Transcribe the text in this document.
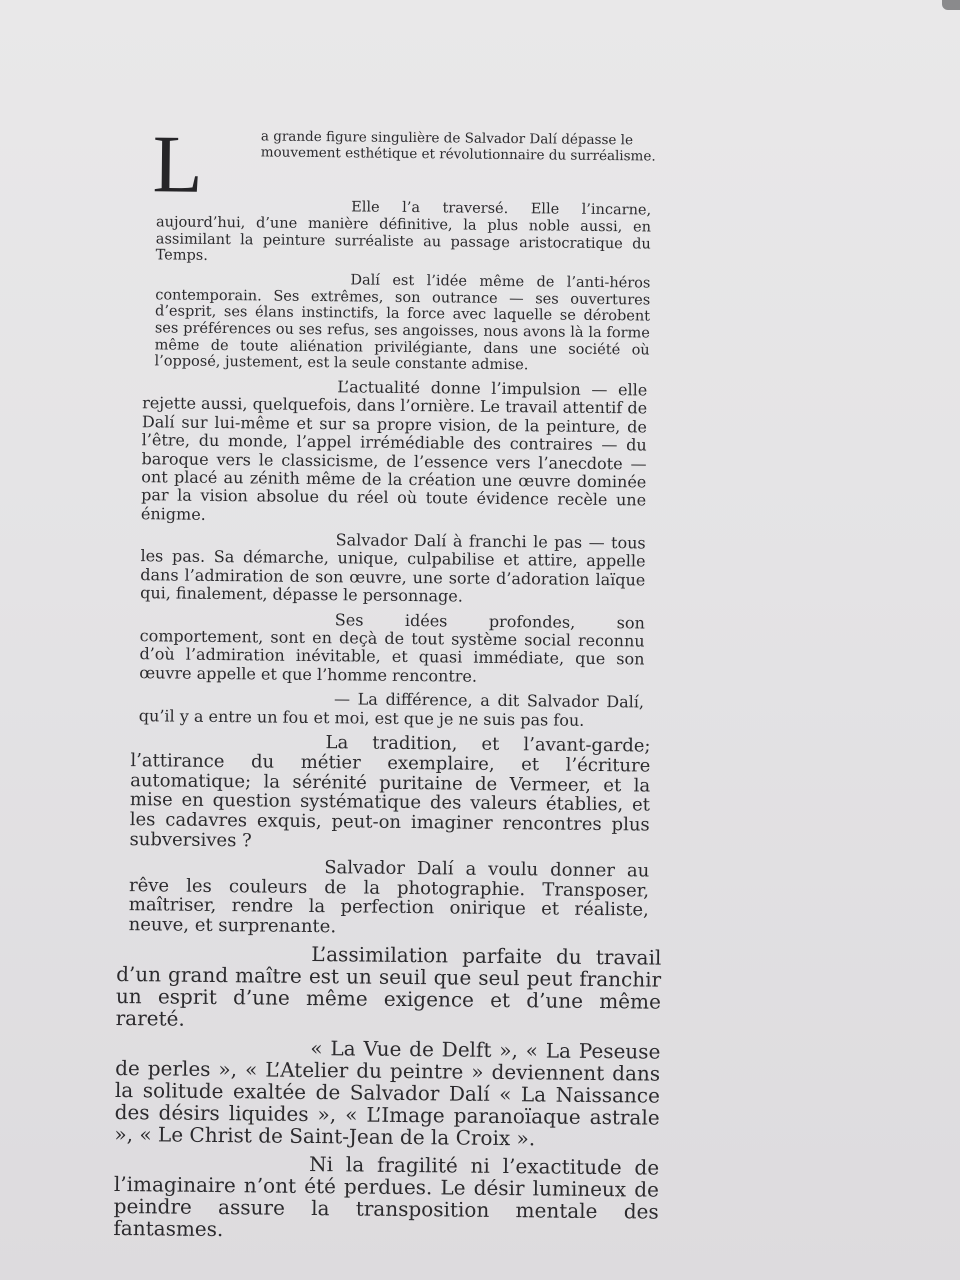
L	a grande figure singulière de Salvador Dalí dépasse le mouvement esthétique et révolutionnaire du surréalisme.

Elle l’a traversé. Elle l’incarne, aujourd’hui, d’une manière définitive, la plus noble aussi, en assimilant la peinture surréaliste au passage aristocratique du Temps.

Dalí est l’idée même de l’anti-héros contemporain. Ses extrêmes, son outrance — ses ouvertures d’esprit, ses élans instinctifs, la force avec laquelle se dérobent ses préférences ou ses refus, ses angoisses, nous avons là la forme même de toute aliénation privilégiante, dans une société où l’opposé, justement, est la seule constante admise.

L’actualité donne l’impulsion — elle rejette aussi, quelquefois, dans l’ornière. Le travail attentif de Dalí sur lui-même et sur sa propre vision, de la peinture, de l’être, du monde, l’appel irrémédiable des contraires — du baroque vers le classicisme, de l’essence vers l’anecdote — ont placé au zénith même de la création une œuvre dominée par la vision absolue du réel où toute évidence recèle une énigme.

Salvador Dalí à franchi le pas — tous les pas. Sa démarche, unique, culpabilise et attire, appelle dans l’admiration de son œuvre, une sorte d’adoration laïque qui, finalement, dépasse le personnage.

Ses idées profondes, son comportement, sont en deçà de tout système social reconnu d’où l’admiration inévitable, et quasi immédiate, que son œuvre appelle et que l’homme rencontre.

— La différence, a dit Salvador Dalí, qu’il y a entre un fou et moi, est que je ne suis pas fou.

La tradition, et l’avant-garde; l’attirance du métier exemplaire, et l’écriture automatique; la sérénité puritaine de Vermeer, et la mise en question systématique des valeurs établies, et les cadavres exquis, peut-on imaginer rencontres plus subversives ?

Salvador Dalí a voulu donner au rêve les couleurs de la photographie. Transposer, maîtriser, rendre la perfection onirique et réaliste, neuve, et surprenante.

L’assimilation parfaite du travail d’un grand maître est un seuil que seul peut franchir un esprit d’une même exigence et d’une même rareté.

« La Vue de Delft », « La Peseuse de perles », « L’Atelier du peintre » deviennent dans la solitude exaltée de Salvador Dalí « La Naissance des désirs liquides », « L’Image paranoïaque astrale », « Le Christ de Saint-Jean de la Croix ».

Ni la fragilité ni l’exactitude de l’imaginaire n’ont été perdues. Le désir lumineux de peindre assure la transposition mentale des fantasmes.
